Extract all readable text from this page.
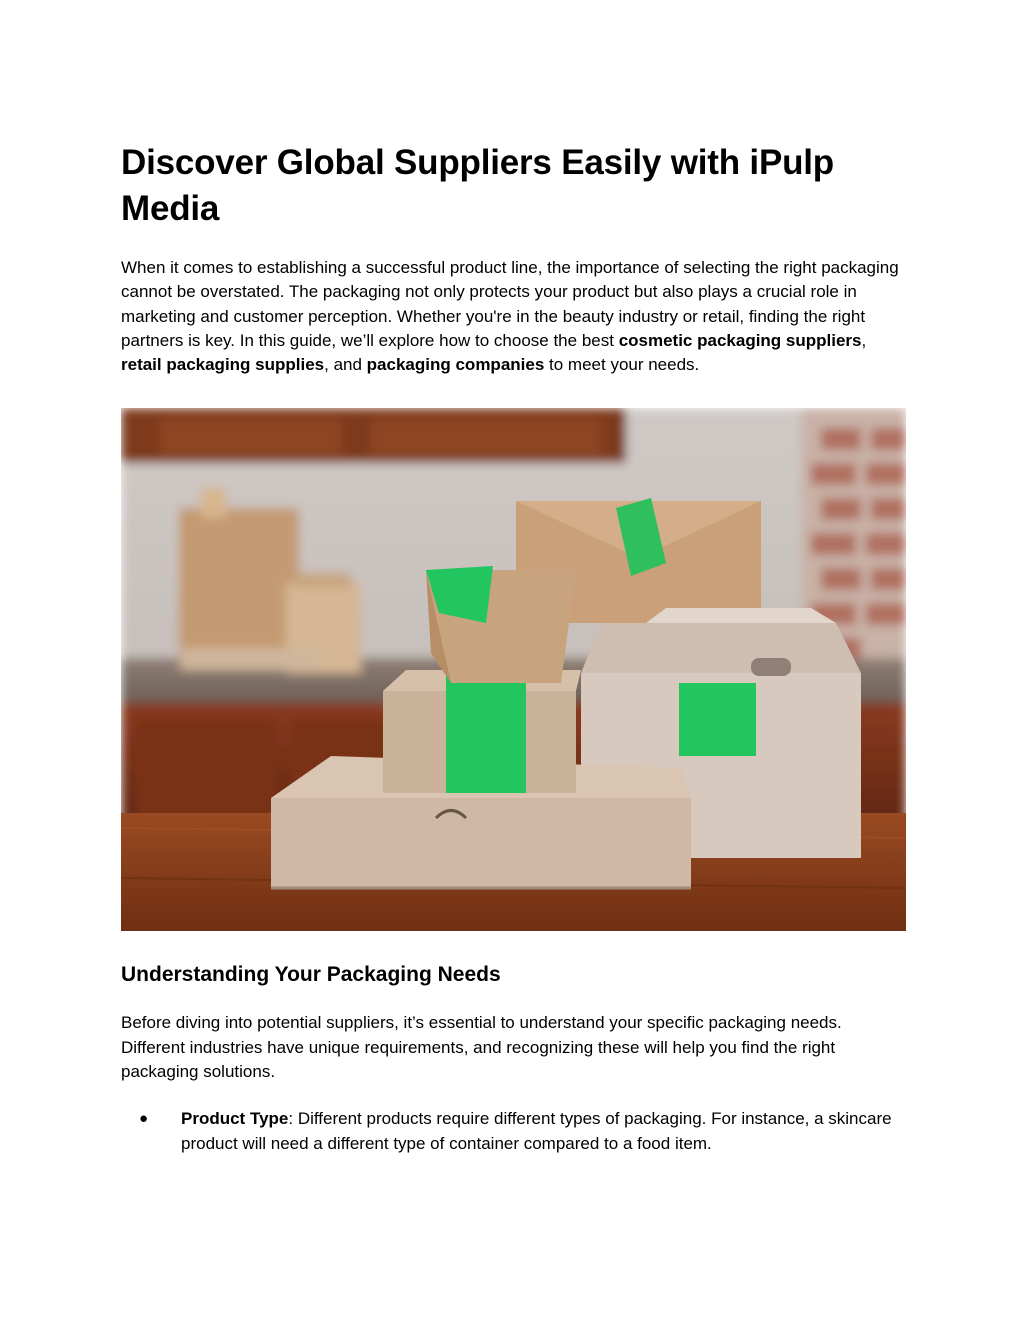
Discover Global Suppliers Easily with iPulp Media

When it comes to establishing a successful product line, the importance of selecting the right packaging cannot be overstated. The packaging not only protects your product but also plays a crucial role in marketing and customer perception. Whether you're in the beauty industry or retail, finding the right partners is key. In this guide, we’ll explore how to choose the best cosmetic packaging suppliers, retail packaging supplies, and packaging companies to meet your needs.

Understanding Your Packaging Needs

Before diving into potential suppliers, it’s essential to understand your specific packaging needs. Different industries have unique requirements, and recognizing these will help you find the right packaging solutions.

● Product Type: Different products require different types of packaging. For instance, a skincare product will need a different type of container compared to a food item.
